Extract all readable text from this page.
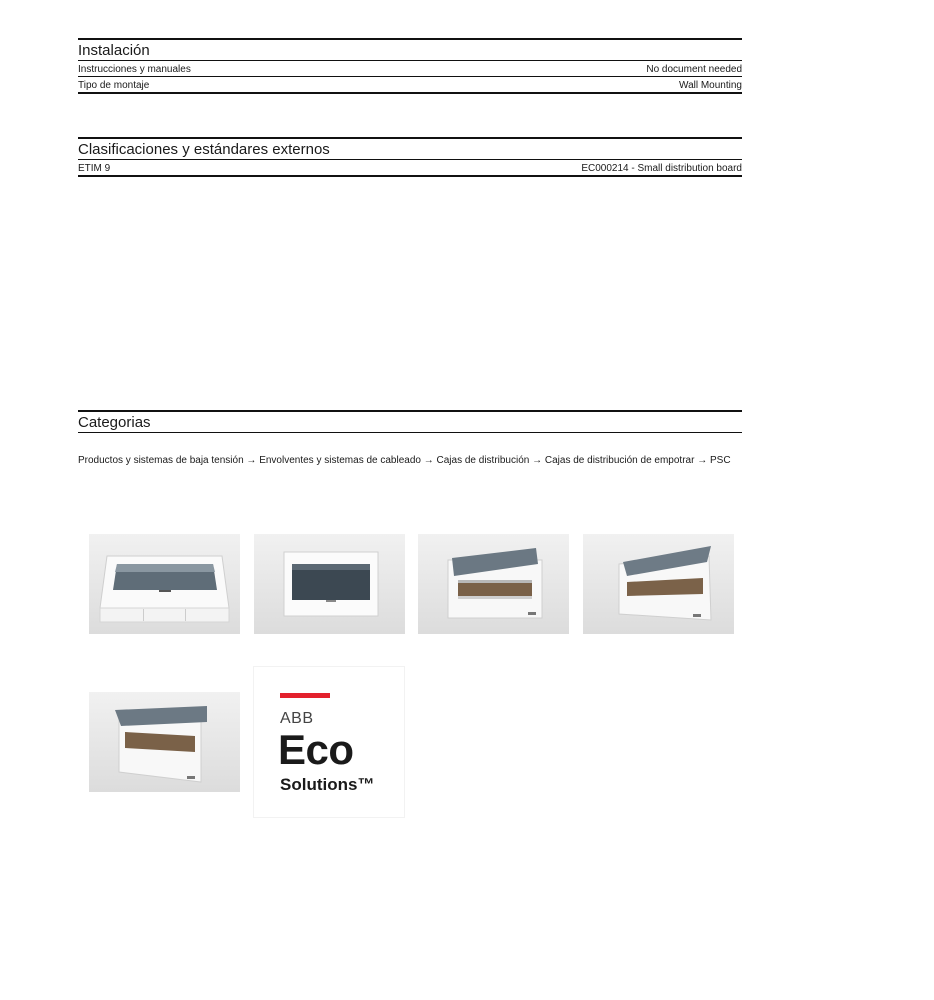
Instalación
Instrucciones y manuales	No document needed
Tipo de montaje	Wall Mounting
Clasificaciones y estándares externos
ETIM 9	EC000214 - Small distribution board
Categorias
Productos y sistemas de baja tensión → Envolventes y sistemas de cableado → Cajas de distribución → Cajas de distribución de empotrar → PSC
ABB
Eco
Solutions™
